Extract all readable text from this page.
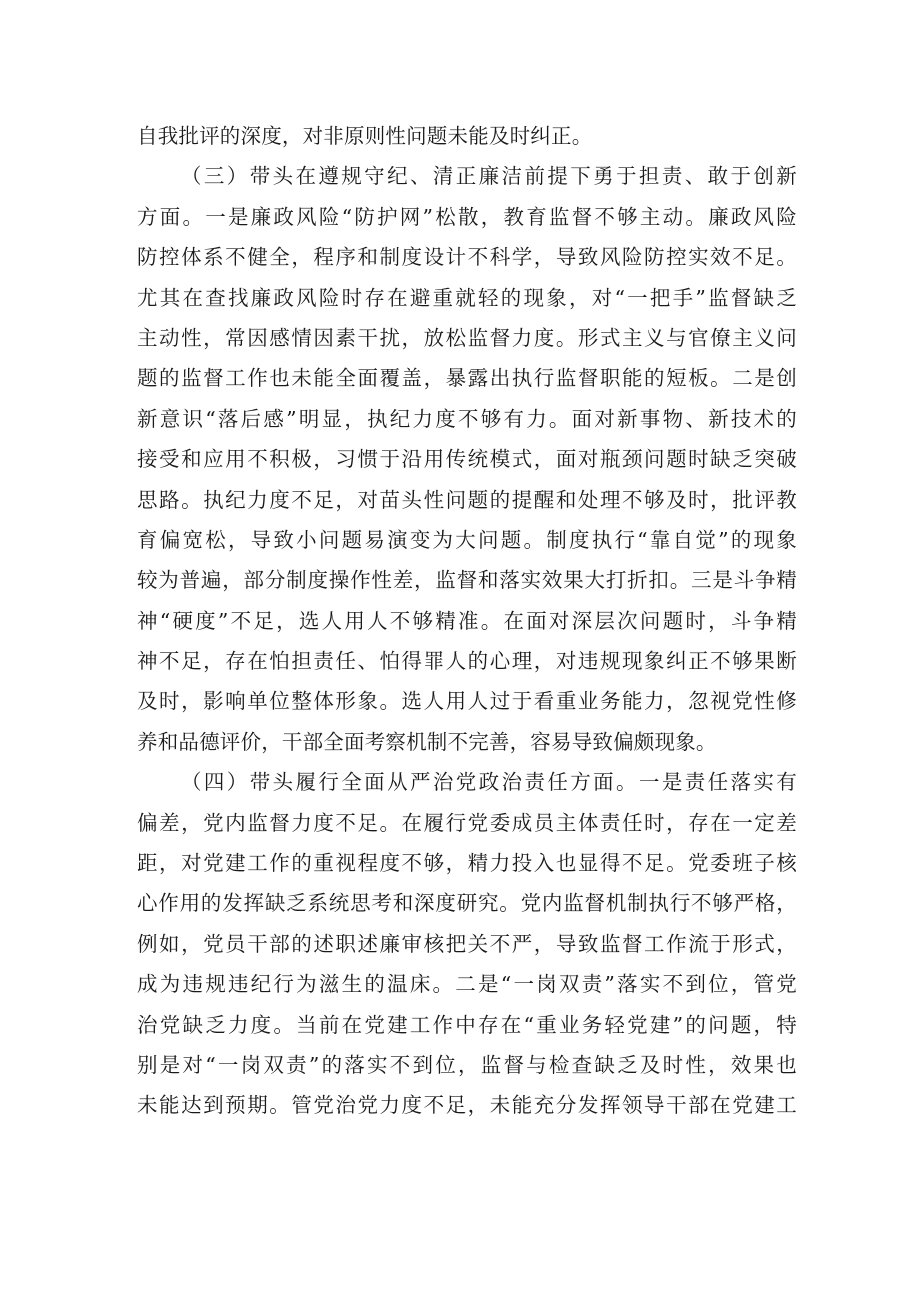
自我批评的深度，对非原则性问题未能及时纠正。
（三）带头在遵规守纪、清正廉洁前提下勇于担责、敢于创新
方面。一是廉政风险“防护网”松散，教育监督不够主动。廉政风险
防控体系不健全，程序和制度设计不科学，导致风险防控实效不足。
尤其在查找廉政风险时存在避重就轻的现象，对“一把手”监督缺乏
主动性，常因感情因素干扰，放松监督力度。形式主义与官僚主义问
题的监督工作也未能全面覆盖，暴露出执行监督职能的短板。二是创
新意识“落后感”明显，执纪力度不够有力。面对新事物、新技术的
接受和应用不积极，习惯于沿用传统模式，面对瓶颈问题时缺乏突破
思路。执纪力度不足，对苗头性问题的提醒和处理不够及时，批评教
育偏宽松，导致小问题易演变为大问题。制度执行“靠自觉”的现象
较为普遍，部分制度操作性差，监督和落实效果大打折扣。三是斗争精
神“硬度”不足，选人用人不够精准。在面对深层次问题时，斗争精
神不足，存在怕担责任、怕得罪人的心理，对违规现象纠正不够果断
及时，影响单位整体形象。选人用人过于看重业务能力，忽视党性修
养和品德评价，干部全面考察机制不完善，容易导致偏颇现象。
（四）带头履行全面从严治党政治责任方面。一是责任落实有
偏差，党内监督力度不足。在履行党委成员主体责任时，存在一定差
距，对党建工作的重视程度不够，精力投入也显得不足。党委班子核
心作用的发挥缺乏系统思考和深度研究。党内监督机制执行不够严格，
例如，党员干部的述职述廉审核把关不严，导致监督工作流于形式，
成为违规违纪行为滋生的温床。二是“一岗双责”落实不到位，管党
治党缺乏力度。当前在党建工作中存在“重业务轻党建”的问题，特
别是对“一岗双责”的落实不到位，监督与检查缺乏及时性，效果也
未能达到预期。管党治党力度不足，未能充分发挥领导干部在党建工
